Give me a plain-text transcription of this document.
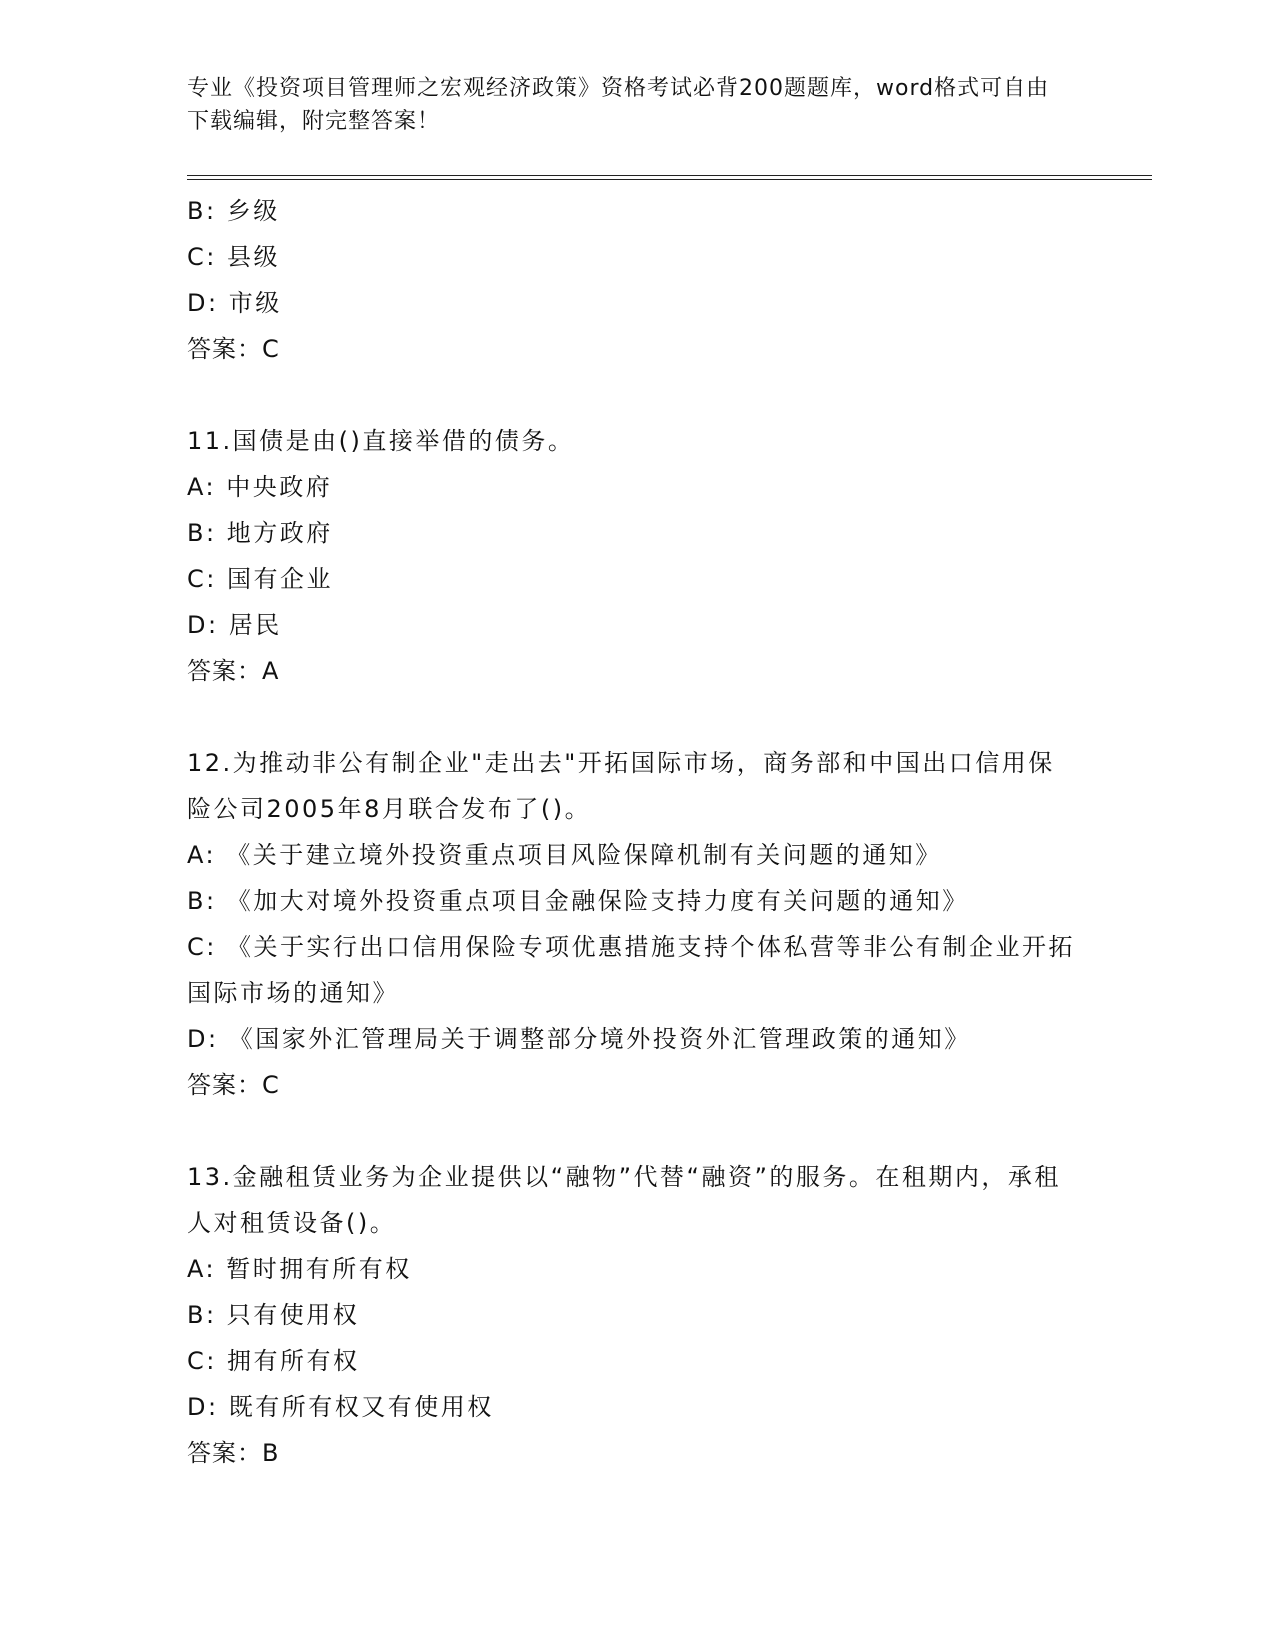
专业《投资项目管理师之宏观经济政策》资格考试必背200题题库，word格式可自由下载编辑，附完整答案！
B: 乡级
C: 县级
D: 市级
答案：C
11.国债是由()直接举借的债务。
A: 中央政府
B: 地方政府
C: 国有企业
D: 居民
答案：A
12.为推动非公有制企业"走出去"开拓国际市场，商务部和中国出口信用保险公司2005年8月联合发布了()。
A: 《关于建立境外投资重点项目风险保障机制有关问题的通知》
B: 《加大对境外投资重点项目金融保险支持力度有关问题的通知》
C: 《关于实行出口信用保险专项优惠措施支持个体私营等非公有制企业开拓国际市场的通知》
D: 《国家外汇管理局关于调整部分境外投资外汇管理政策的通知》
答案：C
13.金融租赁业务为企业提供以“融物”代替“融资”的服务。在租期内，承租人对租赁设备()。
A: 暂时拥有所有权
B: 只有使用权
C: 拥有所有权
D: 既有所有权又有使用权
答案：B
